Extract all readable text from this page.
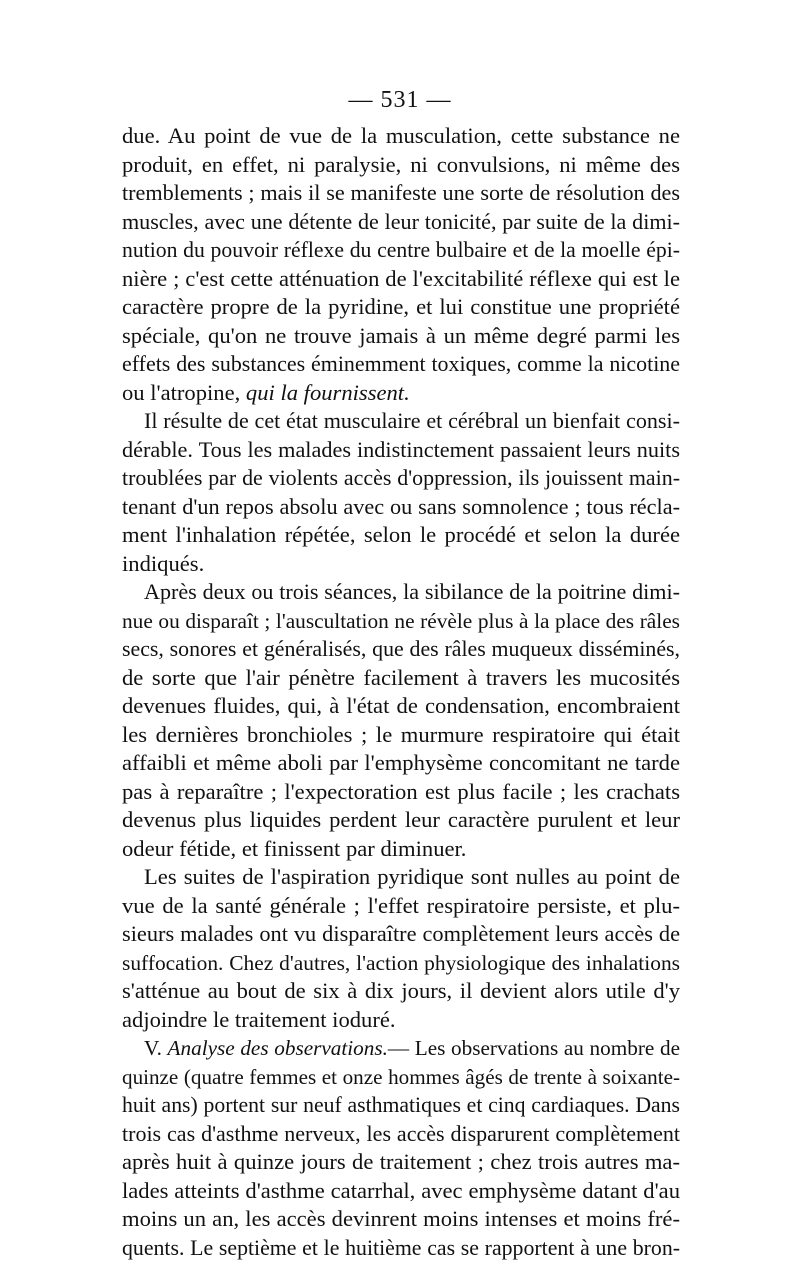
— 531 —
due. Au point de vue de la musculation, cette substance ne
produit, en effet, ni paralysie, ni convulsions, ni même des
tremblements ; mais il se manifeste une sorte de résolution des
muscles, avec une détente de leur tonicité, par suite de la dimi-
nution du pouvoir réflexe du centre bulbaire et de la moelle épi-
nière ; c'est cette atténuation de l'excitabilité réflexe qui est le
caractère propre de la pyridine, et lui constitue une propriété
spéciale, qu'on ne trouve jamais à un même degré parmi les
effets des substances éminemment toxiques, comme la nicotine
ou l'atropine, qui la fournissent.
Il résulte de cet état musculaire et cérébral un bienfait consi-
dérable. Tous les malades indistinctement passaient leurs nuits
troublées par de violents accès d'oppression, ils jouissent main-
tenant d'un repos absolu avec ou sans somnolence ; tous récla-
ment l'inhalation répétée, selon le procédé et selon la durée
indiqués.
Après deux ou trois séances, la sibilance de la poitrine dimi-
nue ou disparaît ; l'auscultation ne révèle plus à la place des râles
secs, sonores et généralisés, que des râles muqueux disséminés,
de sorte que l'air pénètre facilement à travers les mucosités
devenues fluides, qui, à l'état de condensation, encombraient
les dernières bronchioles ; le murmure respiratoire qui était
affaibli et même aboli par l'emphysème concomitant ne tarde
pas à reparaître ; l'expectoration est plus facile ; les crachats
devenus plus liquides perdent leur caractère purulent et leur
odeur fétide, et finissent par diminuer.
Les suites de l'aspiration pyridique sont nulles au point de
vue de la santé générale ; l'effet respiratoire persiste, et plu-
sieurs malades ont vu disparaître complètement leurs accès de
suffocation. Chez d'autres, l'action physiologique des inhalations
s'atténue au bout de six à dix jours, il devient alors utile d'y
adjoindre le traitement ioduré.
V. Analyse des observations.— Les observations au nombre de
quinze (quatre femmes et onze hommes âgés de trente à soixante-
huit ans) portent sur neuf asthmatiques et cinq cardiaques. Dans
trois cas d'asthme nerveux, les accès disparurent complètement
après huit à quinze jours de traitement ; chez trois autres ma-
lades atteints d'asthme catarrhal, avec emphysème datant d'au
moins un an, les accès devinrent moins intenses et moins fré-
quents. Le septième et le huitième cas se rapportent à une bron-
